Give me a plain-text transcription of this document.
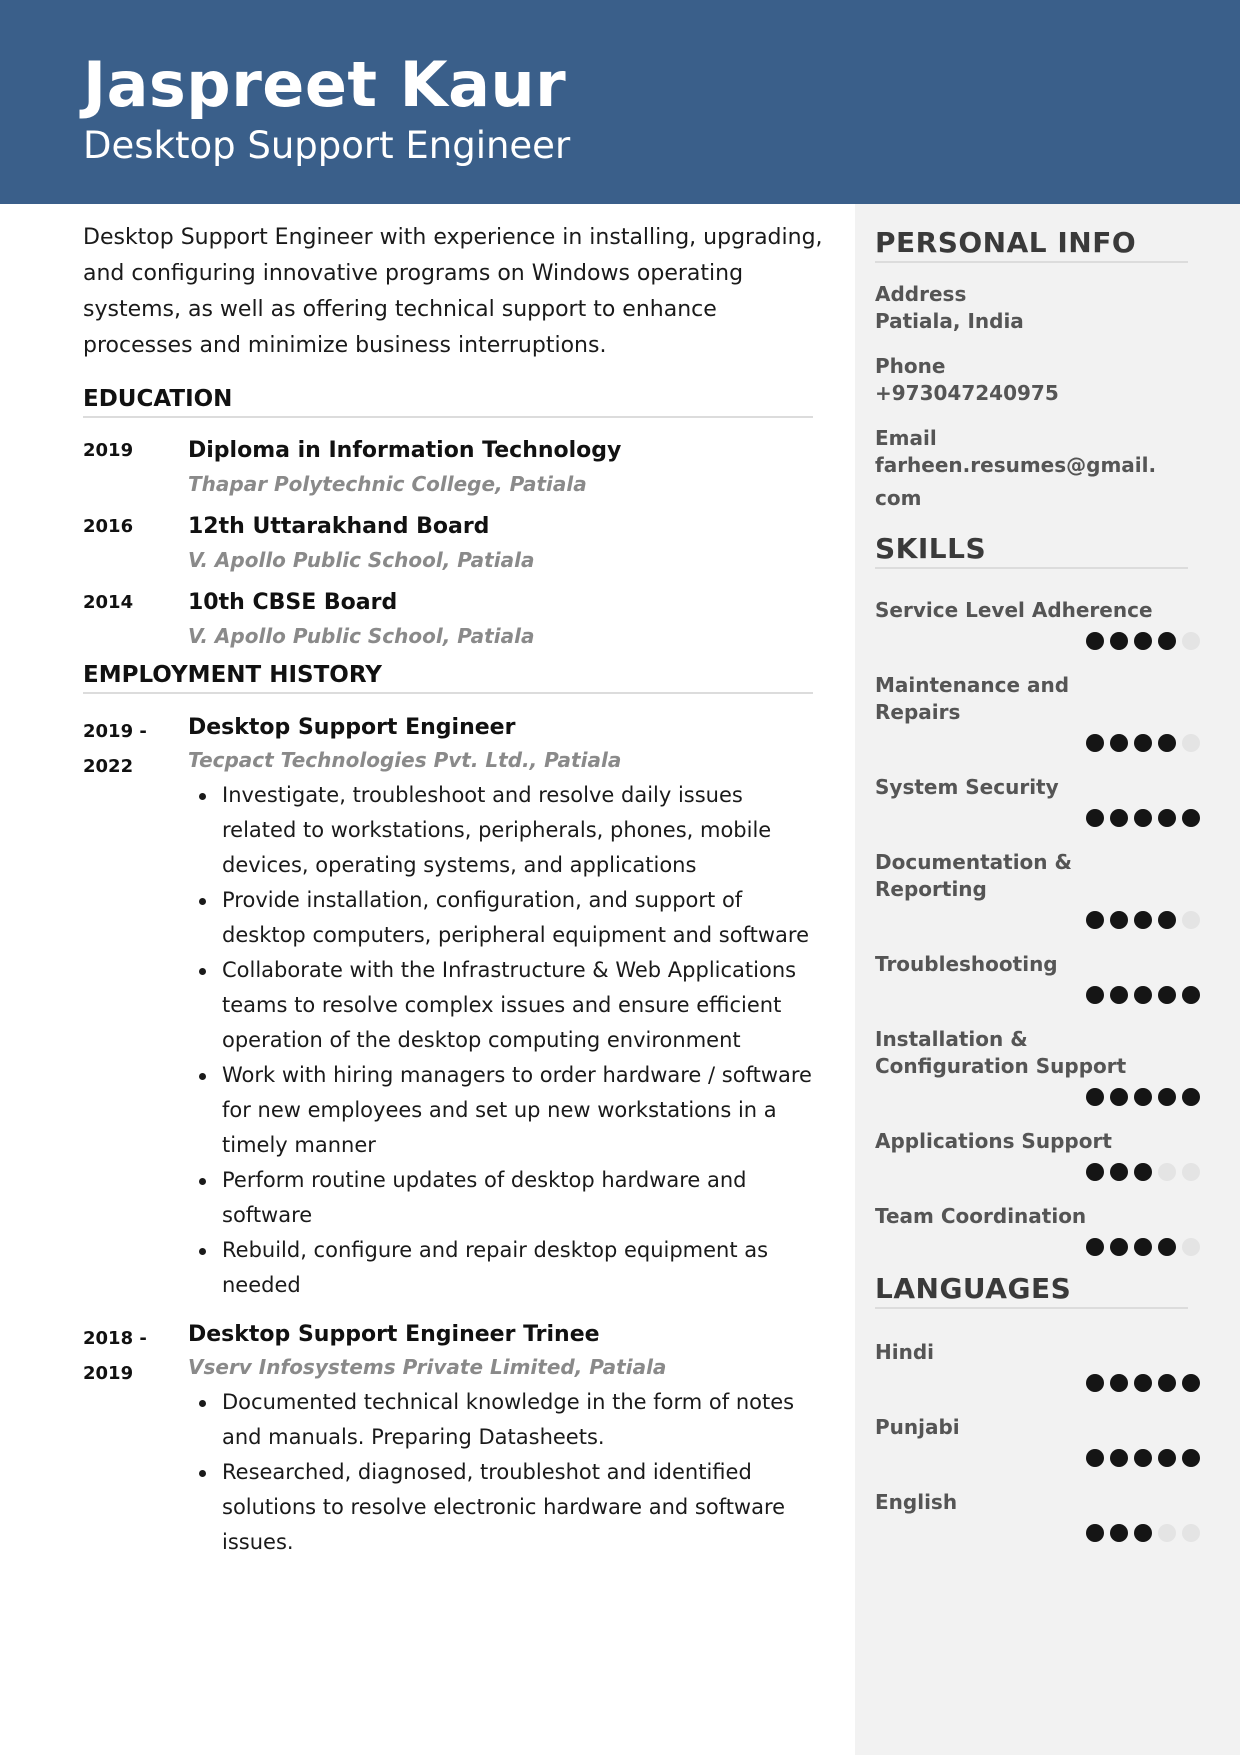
Jaspreet Kaur
Desktop Support Engineer

Desktop Support Engineer with experience in installing, upgrading, and configuring innovative programs on Windows operating systems, as well as offering technical support to enhance processes and minimize business interruptions.

EDUCATION
2019 Diploma in Information Technology
Thapar Polytechnic College, Patiala
2016 12th Uttarakhand Board
V. Apollo Public School, Patiala
2014 10th CBSE Board
V. Apollo Public School, Patiala
EMPLOYMENT HISTORY
2019 -
2022
Desktop Support Engineer
Tecpact Technologies Pvt. Ltd., Patiala
Investigate, troubleshoot and resolve daily issues related to workstations, peripherals, phones, mobile devices, operating systems, and applications
Provide installation, configuration, and support of desktop computers, peripheral equipment and software
Collaborate with the Infrastructure & Web Applications teams to resolve complex issues and ensure efficient operation of the desktop computing environment
Work with hiring managers to order hardware / software for new employees and set up new workstations in a timely manner
Perform routine updates of desktop hardware and software
Rebuild, configure and repair desktop equipment as needed
2018 -
2019
Desktop Support Engineer Trinee
Vserv Infosystems Private Limited, Patiala
Documented technical knowledge in the form of notes and manuals. Preparing Datasheets.
Researched, diagnosed, troubleshot and identified solutions to resolve electronic hardware and software issues.
PERSONAL INFO
Address
Patiala, India
Phone
+973047240975
Email
farheen.resumes@gmail.
com
SKILLS
Service Level Adherence
Maintenance and Repairs
System Security
Documentation & Reporting
Troubleshooting
Installation & Configuration Support
Applications Support
Team Coordination
LANGUAGES
Hindi
Punjabi
English
